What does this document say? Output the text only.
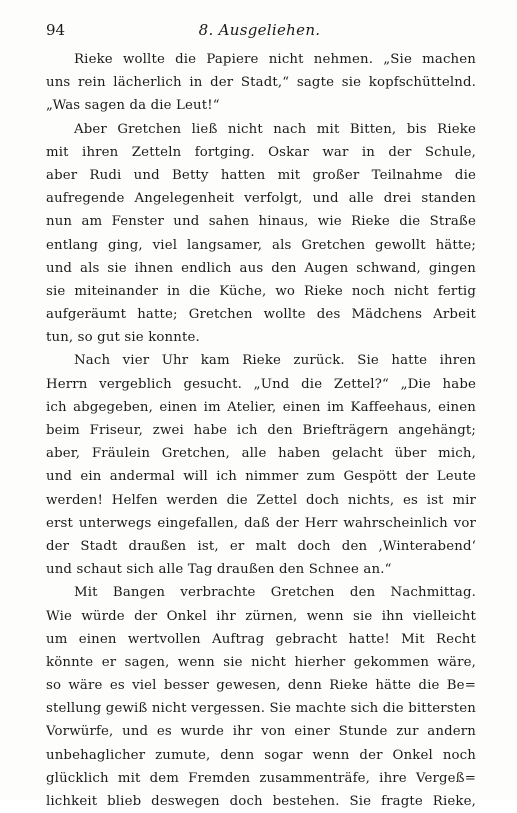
94	8. Ausgeliehen.
Rieke wollte die Papiere nicht nehmen. „Sie machen
uns rein lächerlich in der Stadt,“ sagte sie kopfschüttelnd.
„Was sagen da die Leut!“
Aber Gretchen ließ nicht nach mit Bitten, bis Rieke
mit ihren Zetteln fortging. Oskar war in der Schule,
aber Rudi und Betty hatten mit großer Teilnahme die
aufregende Angelegenheit verfolgt, und alle drei standen
nun am Fenster und sahen hinaus, wie Rieke die Straße
entlang ging, viel langsamer, als Gretchen gewollt hätte;
und als sie ihnen endlich aus den Augen schwand, gingen
sie miteinander in die Küche, wo Rieke noch nicht fertig
aufgeräumt hatte; Gretchen wollte des Mädchens Arbeit
tun, so gut sie konnte.
Nach vier Uhr kam Rieke zurück. Sie hatte ihren
Herrn vergeblich gesucht. „Und die Zettel?“ „Die habe
ich abgegeben, einen im Atelier, einen im Kaffeehaus, einen
beim Friseur, zwei habe ich den Briefträgern angehängt;
aber, Fräulein Gretchen, alle haben gelacht über mich,
und ein andermal will ich nimmer zum Gespött der Leute
werden! Helfen werden die Zettel doch nichts, es ist mir
erst unterwegs eingefallen, daß der Herr wahrscheinlich vor
der Stadt draußen ist, er malt doch den ‚Winterabend‘
und schaut sich alle Tag draußen den Schnee an.“
Mit Bangen verbrachte Gretchen den Nachmittag.
Wie würde der Onkel ihr zürnen, wenn sie ihn vielleicht
um einen wertvollen Auftrag gebracht hatte! Mit Recht
könnte er sagen, wenn sie nicht hierher gekommen wäre,
so wäre es viel besser gewesen, denn Rieke hätte die Be=
stellung gewiß nicht vergessen. Sie machte sich die bittersten
Vorwürfe, und es wurde ihr von einer Stunde zur andern
unbehaglicher zumute, denn sogar wenn der Onkel noch
glücklich mit dem Fremden zusammenträfe, ihre Vergeß=
lichkeit blieb deswegen doch bestehen. Sie fragte Rieke,
